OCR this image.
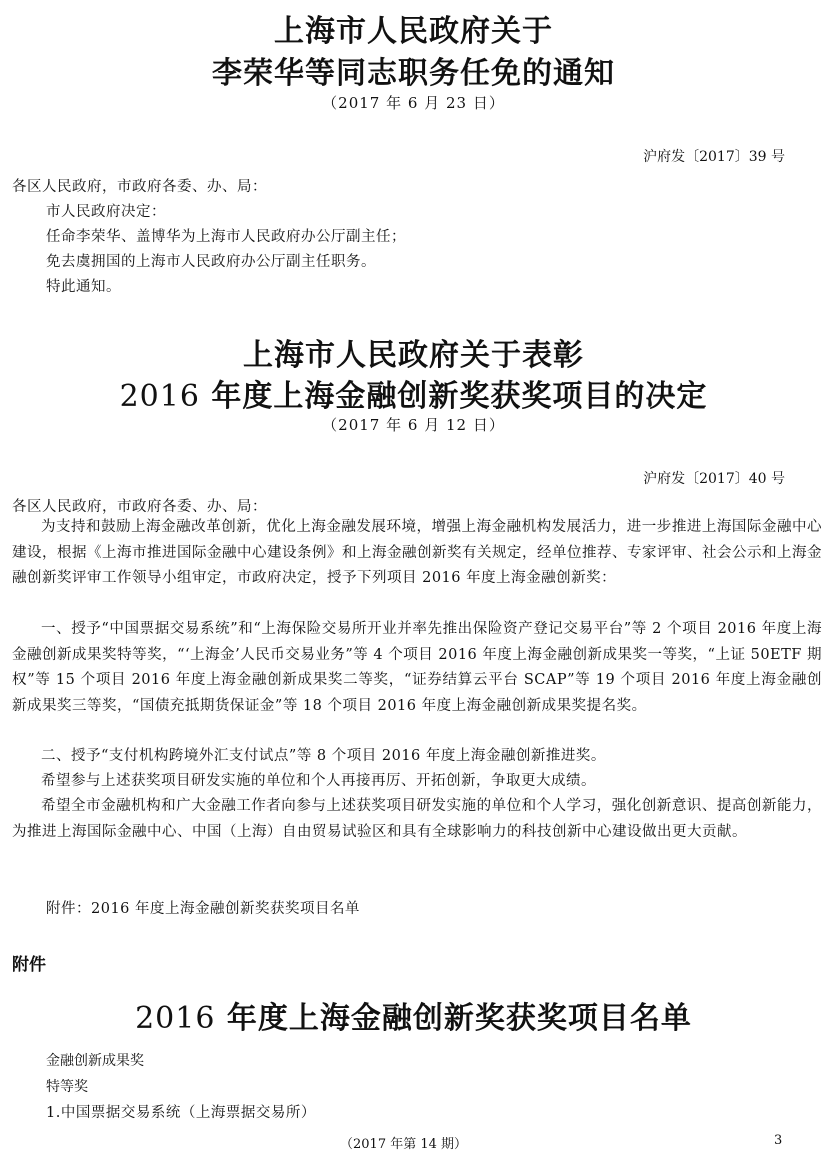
上海市人民政府关于
李荣华等同志职务任免的通知
（2017 年 6 月 23 日）
沪府发〔2017〕39 号
各区人民政府，市政府各委、办、局：
市人民政府决定：
任命李荣华、盖博华为上海市人民政府办公厅副主任；
免去虞拥国的上海市人民政府办公厅副主任职务。
特此通知。
上海市人民政府关于表彰
2016 年度上海金融创新奖获奖项目的决定
（2017 年 6 月 12 日）
沪府发〔2017〕40 号
各区人民政府，市政府各委、办、局：
为支持和鼓励上海金融改革创新，优化上海金融发展环境，增强上海金融机构发展活力，进一步推进上海国际金融中心建设，根据《上海市推进国际金融中心建设条例》和上海金融创新奖有关规定，经单位推荐、专家评审、社会公示和上海金融创新奖评审工作领导小组审定，市政府决定，授予下列项目 2016 年度上海金融创新奖：
一、授予“中国票据交易系统”和“上海保险交易所开业并率先推出保险资产登记交易平台”等 2 个项目 2016 年度上海金融创新成果奖特等奖，“‘上海金’人民币交易业务”等 4 个项目 2016 年度上海金融创新成果奖一等奖，“上证 50ETF 期权”等 15 个项目 2016 年度上海金融创新成果奖二等奖，“证券结算云平台 SCAP”等 19 个项目 2016 年度上海金融创新成果奖三等奖，“国债充抵期货保证金”等 18 个项目 2016 年度上海金融创新成果奖提名奖。
二、授予“支付机构跨境外汇支付试点”等 8 个项目 2016 年度上海金融创新推进奖。
希望参与上述获奖项目研发实施的单位和个人再接再厉、开拓创新，争取更大成绩。
希望全市金融机构和广大金融工作者向参与上述获奖项目研发实施的单位和个人学习，强化创新意识、提高创新能力，为推进上海国际金融中心、中国（上海）自由贸易试验区和具有全球影响力的科技创新中心建设做出更大贡献。
附件：2016 年度上海金融创新奖获奖项目名单
附件
2016 年度上海金融创新奖获奖项目名单
金融创新成果奖
特等奖
1.中国票据交易系统（上海票据交易所）
（2017 年第 14 期）	3
